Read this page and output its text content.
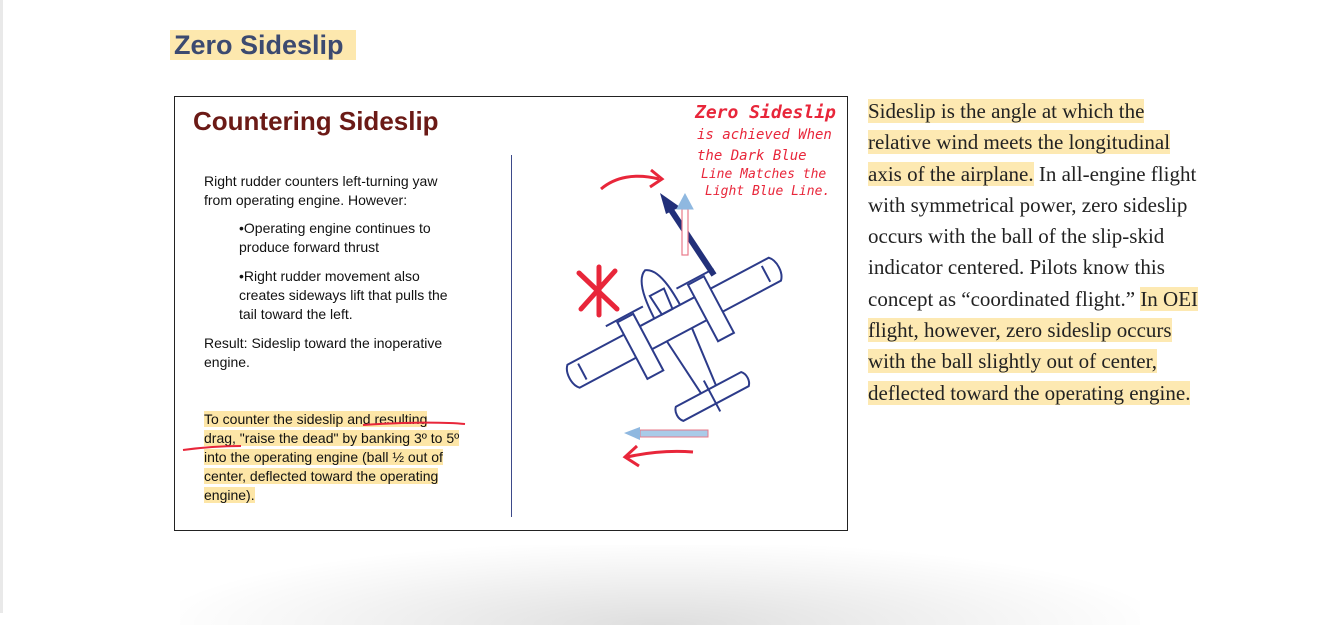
Zero Sideslip
Countering Sideslip
Right rudder counters left-turning yaw
from operating engine. However:
•Operating engine continues to
produce forward thrust
•Right rudder movement also
creates sideways lift that pulls the
tail toward the left.
Result: Sideslip toward the inoperative
engine.
To counter the sideslip and resulting
drag, "raise the dead" by banking 3º to 5º
into the operating engine (ball ½ out of
center, deflected toward the operating
engine).
Zero Sideslip
is achieved When
the Dark Blue
Line Matches the
Light Blue Line.
Sideslip is the angle at which the relative wind meets the longitudinal axis of the airplane. In all-engine flight with symmetrical power, zero sideslip occurs with the ball of the slip-skid indicator centered. Pilots know this concept as “coordinated flight.” In OEI flight, however, zero sideslip occurs with the ball slightly out of center, deflected toward the operating engine.
